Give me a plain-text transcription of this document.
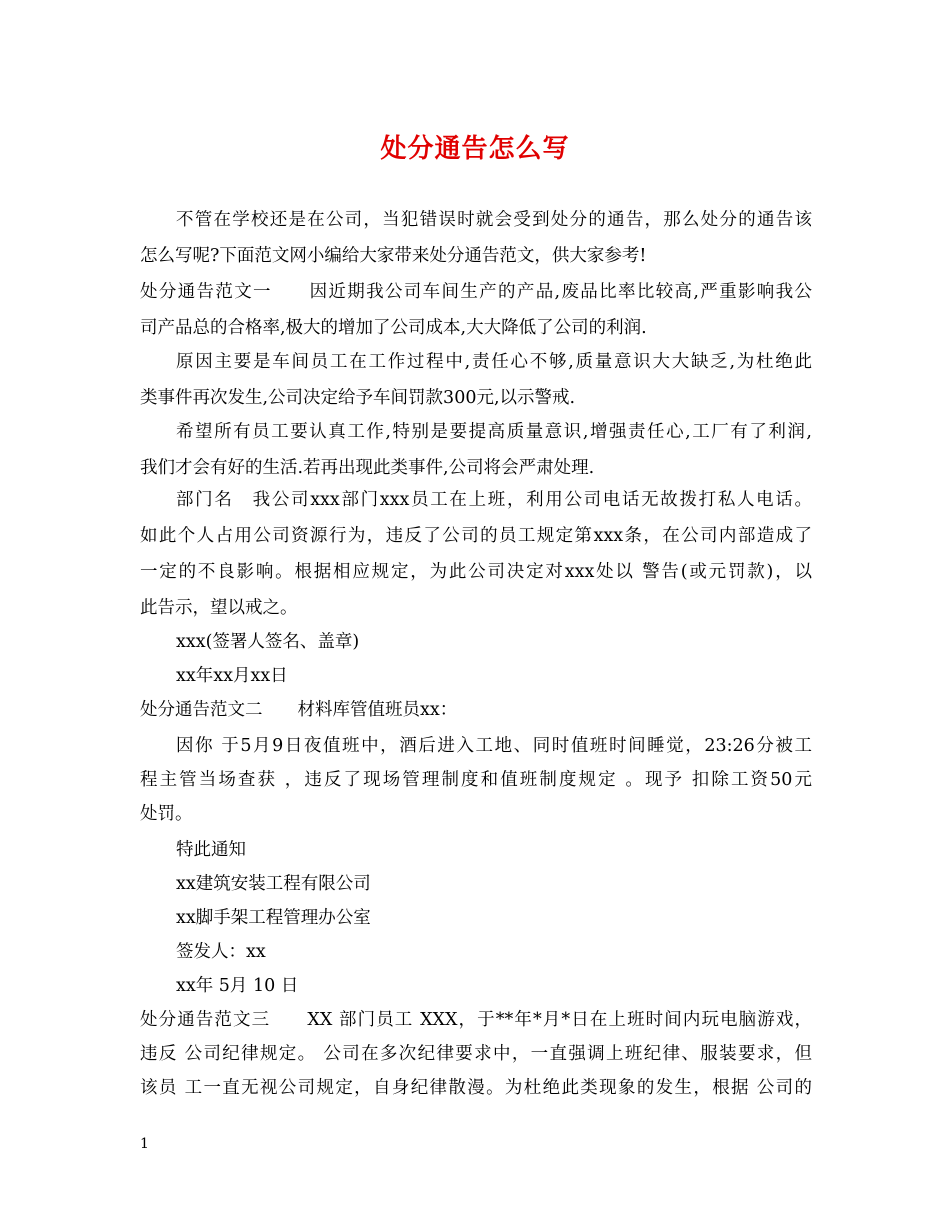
处分通告怎么写
不管在学校还是在公司，当犯错误时就会受到处分的通告，那么处分的通告该
怎么写呢?下面范文网小编给大家带来处分通告范文，供大家参考!
处分通告范文一　　因近期我公司车间生产的产品,废品比率比较高,严重影响我公
司产品总的合格率,极大的增加了公司成本,大大降低了公司的利润.
原因主要是车间员工在工作过程中,责任心不够,质量意识大大缺乏,为杜绝此
类事件再次发生,公司决定给予车间罚款300元,以示警戒.
希望所有员工要认真工作,特别是要提高质量意识,增强责任心,工厂有了利润,
我们才会有好的生活.若再出现此类事件,公司将会严肃处理.
部门名　我公司xxx部门xxx员工在上班，利用公司电话无故拨打私人电话。
如此个人占用公司资源行为，违反了公司的员工规定第xxx条，在公司内部造成了
一定的不良影响。根据相应规定，为此公司决定对xxx处以 警告(或元罚款)，以
此告示，望以戒之。
xxx(签署人签名、盖章)
xx年xx月xx日
处分通告范文二　　材料库管值班员xx：
因你 于5月9日夜值班中，酒后进入工地、同时值班时间睡觉，23:26分被工
程主管当场查获 ，违反了现场管理制度和值班制度规定 。现予 扣除工资50元
处罚。
特此通知
xx建筑安装工程有限公司
xx脚手架工程管理办公室
签发人：xx
xx年 5月 10 日
处分通告范文三　　XX 部门员工 XXX，于**年*月*日在上班时间内玩电脑游戏，
违反 公司纪律规定。 公司在多次纪律要求中，一直强调上班纪律、服装要求，但
该员 工一直无视公司规定，自身纪律散漫。为杜绝此类现象的发生，根据 公司的
1
